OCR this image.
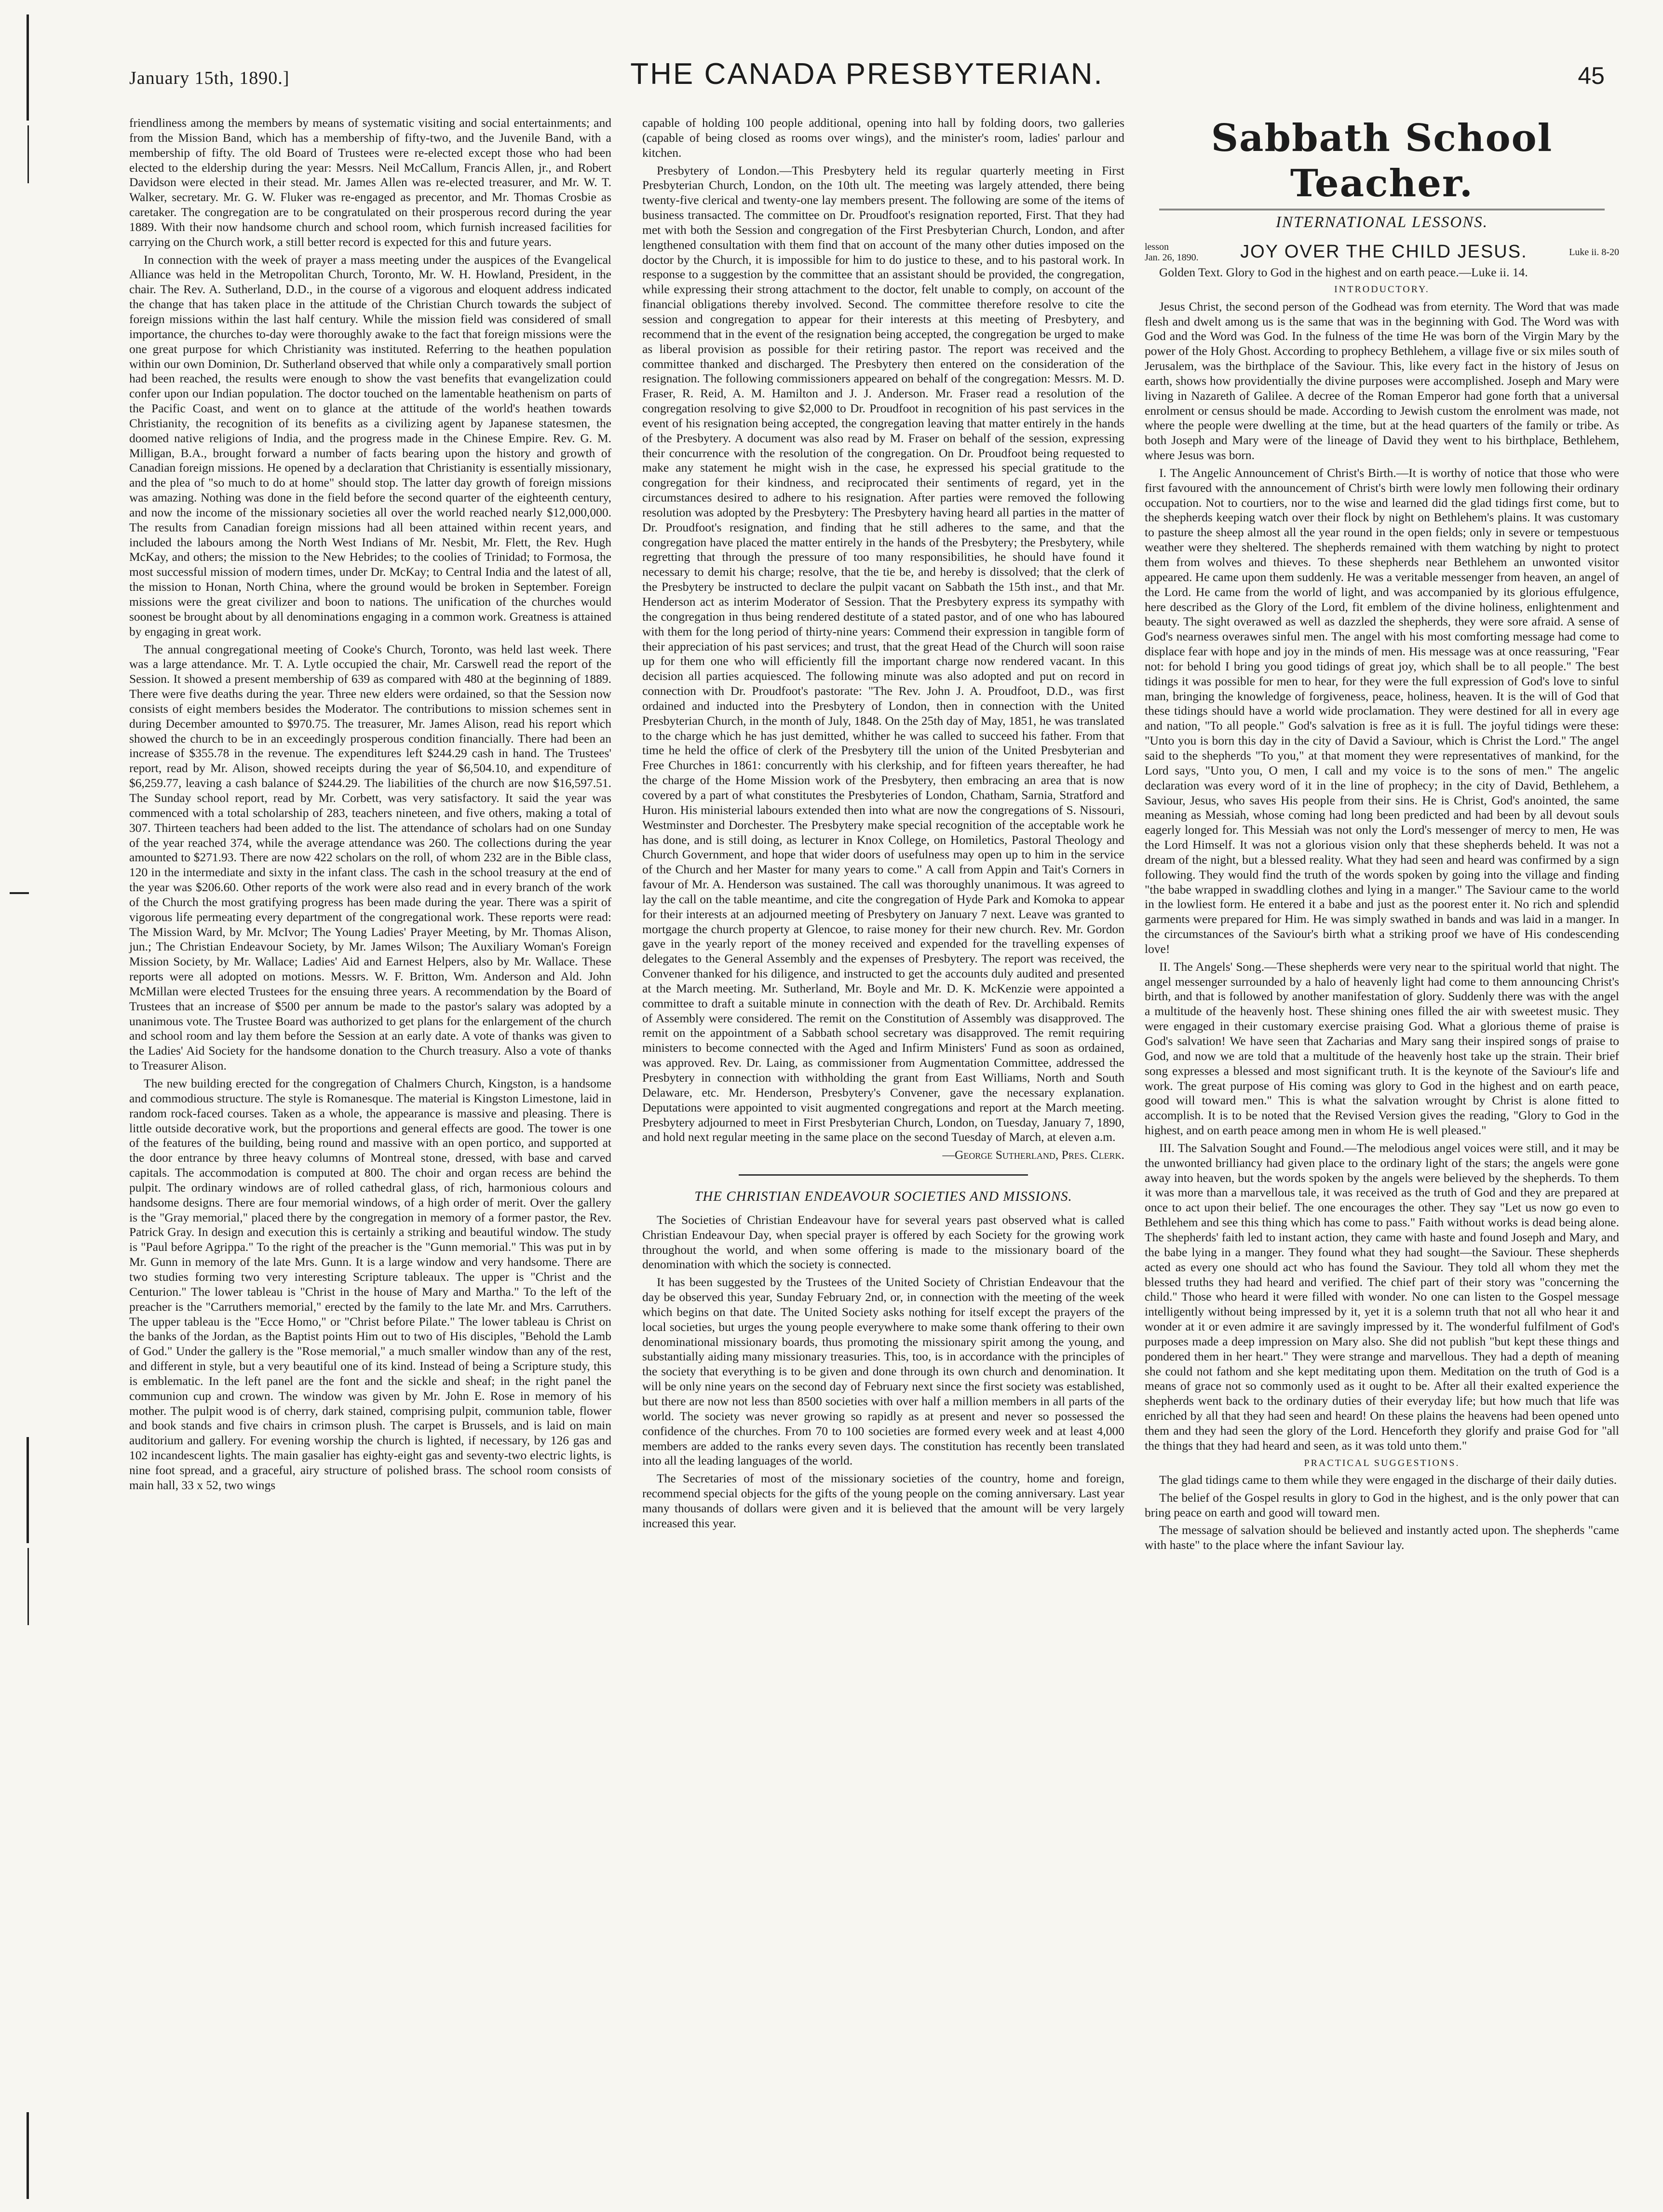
January 15th, 1890.]	THE CANADA PRESBYTERIAN.	45

friendliness among the members by means of systematic visiting and social entertainments; and from the Mission Band, which has a membership of fifty-two, and the Juvenile Band, with a membership of fifty. The old Board of Trustees were re-elected except those who had been elected to the eldership during the year: Messrs. Neil McCallum, Francis Allen, jr., and Robert Davidson were elected in their stead. Mr. James Allen was re-elected treasurer, and Mr. W. T. Walker, secretary. Mr. G. W. Fluker was re-engaged as precentor, and Mr. Thomas Crosbie as caretaker. The congregation are to be congratulated on their prosperous record during the year 1889. With their now handsome church and school room, which furnish increased facilities for carrying on the Church work, a still better record is expected for this and future years.

In connection with the week of prayer a mass meeting under the auspices of the Evangelical Alliance was held in the Metropolitan Church, Toronto, Mr. W. H. Howland, President, in the chair. The Rev. A. Sutherland, D.D., in the course of a vigorous and eloquent address indicated the change that has taken place in the attitude of the Christian Church towards the subject of foreign missions within the last half century. While the mission field was considered of small importance, the churches to-day were thoroughly awake to the fact that foreign missions were the one great purpose for which Christianity was instituted. Referring to the heathen population within our own Dominion, Dr. Sutherland observed that while only a comparatively small portion had been reached, the results were enough to show the vast benefits that evangelization could confer upon our Indian population. The doctor touched on the lamentable heathenism on parts of the Pacific Coast, and went on to glance at the attitude of the world's heathen towards Christianity, the recognition of its benefits as a civilizing agent by Japanese statesmen, the doomed native religions of India, and the progress made in the Chinese Empire. Rev. G. M. Milligan, B.A., brought forward a number of facts bearing upon the history and growth of Canadian foreign missions. He opened by a declaration that Christianity is essentially missionary, and the plea of "so much to do at home" should stop. The latter day growth of foreign missions was amazing. Nothing was done in the field before the second quarter of the eighteenth century, and now the income of the missionary societies all over the world reached nearly $12,000,000. The results from Canadian foreign missions had all been attained within recent years, and included the labours among the North West Indians of Mr. Nesbit, Mr. Flett, the Rev. Hugh McKay, and others; the mission to the New Hebrides; to the coolies of Trinidad; to Formosa, the most successful mission of modern times, under Dr. McKay; to Central India and the latest of all, the mission to Honan, North China, where the ground would be broken in September. Foreign missions were the great civilizer and boon to nations. The unification of the churches would soonest be brought about by all denominations engaging in a common work. Greatness is attained by engaging in great work.

The annual congregational meeting of Cooke's Church, Toronto, was held last week. There was a large attendance. Mr. T. A. Lytle occupied the chair, Mr. Carswell read the report of the Session. It showed a present membership of 639 as compared with 480 at the beginning of 1889. There were five deaths during the year. Three new elders were ordained, so that the Session now consists of eight members besides the Moderator. The contributions to mission schemes sent in during December amounted to $970.75. The treasurer, Mr. James Alison, read his report which showed the church to be in an exceedingly prosperous condition financially. There had been an increase of $355.78 in the revenue. The expenditures left $244.29 cash in hand. The Trustees' report, read by Mr. Alison, showed receipts during the year of $6,504.10, and expenditure of $6,259.77, leaving a cash balance of $244.29. The liabilities of the church are now $16,597.51. The Sunday school report, read by Mr. Corbett, was very satisfactory. It said the year was commenced with a total scholarship of 283, teachers nineteen, and five others, making a total of 307. Thirteen teachers had been added to the list. The attendance of scholars had on one Sunday of the year reached 374, while the average attendance was 260. The collections during the year amounted to $271.93. There are now 422 scholars on the roll, of whom 232 are in the Bible class, 120 in the intermediate and sixty in the infant class. The cash in the school treasury at the end of the year was $206.60. Other reports of the work were also read and in every branch of the work of the Church the most gratifying progress has been made during the year. There was a spirit of vigorous life permeating every department of the congregational work. These reports were read: The Mission Ward, by Mr. McIvor; The Young Ladies' Prayer Meeting, by Mr. Thomas Alison, jun.; The Christian Endeavour Society, by Mr. James Wilson; The Auxiliary Woman's Foreign Mission Society, by Mr. Wallace; Ladies' Aid and Earnest Helpers, also by Mr. Wallace. These reports were all adopted on motions. Messrs. W. F. Britton, Wm. Anderson and Ald. John McMillan were elected Trustees for the ensuing three years. A recommendation by the Board of Trustees that an increase of $500 per annum be made to the pastor's salary was adopted by a unanimous vote. The Trustee Board was authorized to get plans for the enlargement of the church and school room and lay them before the Session at an early date. A vote of thanks was given to the Ladies' Aid Society for the handsome donation to the Church treasury. Also a vote of thanks to Treasurer Alison.

The new building erected for the congregation of Chalmers Church, Kingston, is a handsome and commodious structure. The style is Romanesque. The material is Kingston Limestone, laid in random rock-faced courses. Taken as a whole, the appearance is massive and pleasing. There is little outside decorative work, but the proportions and general effects are good. The tower is one of the features of the building, being round and massive with an open portico, and supported at the door entrance by three heavy columns of Montreal stone, dressed, with base and carved capitals. The accommodation is computed at 800. The choir and organ recess are behind the pulpit. The ordinary windows are of rolled cathedral glass, of rich, harmonious colours and handsome designs. There are four memorial windows, of a high order of merit. Over the gallery is the "Gray memorial," placed there by the congregation in memory of a former pastor, the Rev. Patrick Gray. In design and execution this is certainly a striking and beautiful window. The study is "Paul before Agrippa." To the right of the preacher is the "Gunn memorial." This was put in by Mr. Gunn in memory of the late Mrs. Gunn. It is a large window and very handsome. There are two studies forming two very interesting Scripture tableaux. The upper is "Christ and the Centurion." The lower tableau is "Christ in the house of Mary and Martha." To the left of the preacher is the "Carruthers memorial," erected by the family to the late Mr. and Mrs. Carruthers. The upper tableau is the "Ecce Homo," or "Christ before Pilate." The lower tableau is Christ on the banks of the Jordan, as the Baptist points Him out to two of His disciples, "Behold the Lamb of God." Under the gallery is the "Rose memorial," a much smaller window than any of the rest, and different in style, but a very beautiful one of its kind. Instead of being a Scripture study, this is emblematic. In the left panel are the font and the sickle and sheaf; in the right panel the communion cup and crown. The window was given by Mr. John E. Rose in memory of his mother. The pulpit wood is of cherry, dark stained, comprising pulpit, communion table, flower and book stands and five chairs in crimson plush. The carpet is Brussels, and is laid on main auditorium and gallery. For evening worship the church is lighted, if necessary, by 126 gas and 102 incandescent lights. The main gasalier has eighty-eight gas and seventy-two electric lights, is nine foot spread, and a graceful, airy structure of polished brass. The school room consists of main hall, 33 x 52, two wings

capable of holding 100 people additional, opening into hall by folding doors, two galleries (capable of being closed as rooms over wings), and the minister's room, ladies' parlour and kitchen.

Presbytery of London.—This Presbytery held its regular quarterly meeting in First Presbyterian Church, London, on the 10th ult. The meeting was largely attended, there being twenty-five clerical and twenty-one lay members present. The following are some of the items of business transacted. The committee on Dr. Proudfoot's resignation reported, First. That they had met with both the Session and congregation of the First Presbyterian Church, London, and after lengthened consultation with them find that on account of the many other duties imposed on the doctor by the Church, it is impossible for him to do justice to these, and to his pastoral work. In response to a suggestion by the committee that an assistant should be provided, the congregation, while expressing their strong attachment to the doctor, felt unable to comply, on account of the financial obligations thereby involved. Second. The committee therefore resolve to cite the session and congregation to appear for their interests at this meeting of Presbytery, and recommend that in the event of the resignation being accepted, the congregation be urged to make as liberal provision as possible for their retiring pastor. The report was received and the committee thanked and discharged. The Presbytery then entered on the consideration of the resignation. The following commissioners appeared on behalf of the congregation: Messrs. M. D. Fraser, R. Reid, A. M. Hamilton and J. J. Anderson. Mr. Fraser read a resolution of the congregation resolving to give $2,000 to Dr. Proudfoot in recognition of his past services in the event of his resignation being accepted, the congregation leaving that matter entirely in the hands of the Presbytery. A document was also read by M. Fraser on behalf of the session, expressing their concurrence with the resolution of the congregation. On Dr. Proudfoot being requested to make any statement he might wish in the case, he expressed his special gratitude to the congregation for their kindness, and reciprocated their sentiments of regard, yet in the circumstances desired to adhere to his resignation. After parties were removed the following resolution was adopted by the Presbytery: The Presbytery having heard all parties in the matter of Dr. Proudfoot's resignation, and finding that he still adheres to the same, and that the congregation have placed the matter entirely in the hands of the Presbytery; the Presbytery, while regretting that through the pressure of too many responsibilities, he should have found it necessary to demit his charge; resolve, that the tie be, and hereby is dissolved; that the clerk of the Presbytery be instructed to declare the pulpit vacant on Sabbath the 15th inst., and that Mr. Henderson act as interim Moderator of Session. That the Presbytery express its sympathy with the congregation in thus being rendered destitute of a stated pastor, and of one who has laboured with them for the long period of thirty-nine years: Commend their expression in tangible form of their appreciation of his past services; and trust, that the great Head of the Church will soon raise up for them one who will efficiently fill the important charge now rendered vacant. In this decision all parties acquiesced. The following minute was also adopted and put on record in connection with Dr. Proudfoot's pastorate: "The Rev. John J. A. Proudfoot, D.D., was first ordained and inducted into the Presbytery of London, then in connection with the United Presbyterian Church, in the month of July, 1848. On the 25th day of May, 1851, he was translated to the charge which he has just demitted, whither he was called to succeed his father. From that time he held the office of clerk of the Presbytery till the union of the United Presbyterian and Free Churches in 1861: concurrently with his clerkship, and for fifteen years thereafter, he had the charge of the Home Mission work of the Presbytery, then embracing an area that is now covered by a part of what constitutes the Presbyteries of London, Chatham, Sarnia, Stratford and Huron. His ministerial labours extended then into what are now the congregations of S. Nissouri, Westminster and Dorchester. The Presbytery make special recognition of the acceptable work he has done, and is still doing, as lecturer in Knox College, on Homiletics, Pastoral Theology and Church Government, and hope that wider doors of usefulness may open up to him in the service of the Church and her Master for many years to come." A call from Appin and Tait's Corners in favour of Mr. A. Henderson was sustained. The call was thoroughly unanimous. It was agreed to lay the call on the table meantime, and cite the congregation of Hyde Park and Komoka to appear for their interests at an adjourned meeting of Presbytery on January 7 next. Leave was granted to mortgage the church property at Glencoe, to raise money for their new church. Rev. Mr. Gordon gave in the yearly report of the money received and expended for the travelling expenses of delegates to the General Assembly and the expenses of Presbytery. The report was received, the Convener thanked for his diligence, and instructed to get the accounts duly audited and presented at the March meeting. Mr. Sutherland, Mr. Boyle and Mr. D. K. McKenzie were appointed a committee to draft a suitable minute in connection with the death of Rev. Dr. Archibald. Remits of Assembly were considered. The remit on the Constitution of Assembly was disapproved. The remit on the appointment of a Sabbath school secretary was disapproved. The remit requiring ministers to become connected with the Aged and Infirm Ministers' Fund as soon as ordained, was approved. Rev. Dr. Laing, as commissioner from Augmentation Committee, addressed the Presbytery in connection with withholding the grant from East Williams, North and South Delaware, etc. Mr. Henderson, Presbytery's Convener, gave the necessary explanation. Deputations were appointed to visit augmented congregations and report at the March meeting. Presbytery adjourned to meet in First Presbyterian Church, London, on Tuesday, January 7, 1890, and hold next regular meeting in the same place on the second Tuesday of March, at eleven a.m.

—George Sutherland, Pres. Clerk.

THE CHRISTIAN ENDEAVOUR SOCIETIES AND MISSIONS.

The Societies of Christian Endeavour have for several years past observed what is called Christian Endeavour Day, when special prayer is offered by each Society for the growing work throughout the world, and when some offering is made to the missionary board of the denomination with which the society is connected.

It has been suggested by the Trustees of the United Society of Christian Endeavour that the day be observed this year, Sunday February 2nd, or, in connection with the meeting of the week which begins on that date. The United Society asks nothing for itself except the prayers of the local societies, but urges the young people everywhere to make some thank offering to their own denominational missionary boards, thus promoting the missionary spirit among the young, and substantially aiding many missionary treasuries. This, too, is in accordance with the principles of the society that everything is to be given and done through its own church and denomination. It will be only nine years on the second day of February next since the first society was established, but there are now not less than 8500 societies with over half a million members in all parts of the world. The society was never growing so rapidly as at present and never so possessed the confidence of the churches. From 70 to 100 societies are formed every week and at least 4,000 members are added to the ranks every seven days. The constitution has recently been translated into all the leading languages of the world.

The Secretaries of most of the missionary societies of the country, home and foreign, recommend special objects for the gifts of the young people on the coming anniversary. Last year many thousands of dollars were given and it is believed that the amount will be very largely increased this year.

Sabbath School Teacher.
INTERNATIONAL LESSONS.
lesson
Jan. 26, 1890. JOY OVER THE CHILD JESUS.	Luke ii. 8-20

Golden Text. Glory to God in the highest and on earth peace.—Luke ii. 14.

INTRODUCTORY.

Jesus Christ, the second person of the Godhead was from eternity. The Word that was made flesh and dwelt among us is the same that was in the beginning with God. The Word was with God and the Word was God. In the fulness of the time He was born of the Virgin Mary by the power of the Holy Ghost. According to prophecy Bethlehem, a village five or six miles south of Jerusalem, was the birthplace of the Saviour. This, like every fact in the history of Jesus on earth, shows how providentially the divine purposes were accomplished. Joseph and Mary were living in Nazareth of Galilee. A decree of the Roman Emperor had gone forth that a universal enrolment or census should be made. According to Jewish custom the enrolment was made, not where the people were dwelling at the time, but at the head quarters of the family or tribe. As both Joseph and Mary were of the lineage of David they went to his birthplace, Bethlehem, where Jesus was born.

I. The Angelic Announcement of Christ's Birth.—It is worthy of notice that those who were first favoured with the announcement of Christ's birth were lowly men following their ordinary occupation. Not to courtiers, nor to the wise and learned did the glad tidings first come, but to the shepherds keeping watch over their flock by night on Bethlehem's plains. It was customary to pasture the sheep almost all the year round in the open fields; only in severe or tempestuous weather were they sheltered. The shepherds remained with them watching by night to protect them from wolves and thieves. To these shepherds near Bethlehem an unwonted visitor appeared. He came upon them suddenly. He was a veritable messenger from heaven, an angel of the Lord. He came from the world of light, and was accompanied by its glorious effulgence, here described as the Glory of the Lord, fit emblem of the divine holiness, enlightenment and beauty. The sight overawed as well as dazzled the shepherds, they were sore afraid. A sense of God's nearness overawes sinful men. The angel with his most comforting message had come to displace fear with hope and joy in the minds of men. His message was at once reassuring, "Fear not: for behold I bring you good tidings of great joy, which shall be to all people." The best tidings it was possible for men to hear, for they were the full expression of God's love to sinful man, bringing the knowledge of forgiveness, peace, holiness, heaven. It is the will of God that these tidings should have a world wide proclamation. They were destined for all in every age and nation, "To all people." God's salvation is free as it is full. The joyful tidings were these: "Unto you is born this day in the city of David a Saviour, which is Christ the Lord." The angel said to the shepherds "To you," at that moment they were representatives of mankind, for the Lord says, "Unto you, O men, I call and my voice is to the sons of men." The angelic declaration was every word of it in the line of prophecy; in the city of David, Bethlehem, a Saviour, Jesus, who saves His people from their sins. He is Christ, God's anointed, the same meaning as Messiah, whose coming had long been predicted and had been by all devout souls eagerly longed for. This Messiah was not only the Lord's messenger of mercy to men, He was the Lord Himself. It was not a glorious vision only that these shepherds beheld. It was not a dream of the night, but a blessed reality. What they had seen and heard was confirmed by a sign following. They would find the truth of the words spoken by going into the village and finding "the babe wrapped in swaddling clothes and lying in a manger." The Saviour came to the world in the lowliest form. He entered it a babe and just as the poorest enter it. No rich and splendid garments were prepared for Him. He was simply swathed in bands and was laid in a manger. In the circumstances of the Saviour's birth what a striking proof we have of His condescending love!

II. The Angels' Song.—These shepherds were very near to the spiritual world that night. The angel messenger surrounded by a halo of heavenly light had come to them announcing Christ's birth, and that is followed by another manifestation of glory. Suddenly there was with the angel a multitude of the heavenly host. These shining ones filled the air with sweetest music. They were engaged in their customary exercise praising God. What a glorious theme of praise is God's salvation! We have seen that Zacharias and Mary sang their inspired songs of praise to God, and now we are told that a multitude of the heavenly host take up the strain. Their brief song expresses a blessed and most significant truth. It is the keynote of the Saviour's life and work. The great purpose of His coming was glory to God in the highest and on earth peace, good will toward men." This is what the salvation wrought by Christ is alone fitted to accomplish. It is to be noted that the Revised Version gives the reading, "Glory to God in the highest, and on earth peace among men in whom He is well pleased."

III. The Salvation Sought and Found.—The melodious angel voices were still, and it may be the unwonted brilliancy had given place to the ordinary light of the stars; the angels were gone away into heaven, but the words spoken by the angels were believed by the shepherds. To them it was more than a marvellous tale, it was received as the truth of God and they are prepared at once to act upon their belief. The one encourages the other. They say "Let us now go even to Bethlehem and see this thing which has come to pass." Faith without works is dead being alone. The shepherds' faith led to instant action, they came with haste and found Joseph and Mary, and the babe lying in a manger. They found what they had sought—the Saviour. These shepherds acted as every one should act who has found the Saviour. They told all whom they met the blessed truths they had heard and verified. The chief part of their story was "concerning the child." Those who heard it were filled with wonder. No one can listen to the Gospel message intelligently without being impressed by it, yet it is a solemn truth that not all who hear it and wonder at it or even admire it are savingly impressed by it. The wonderful fulfilment of God's purposes made a deep impression on Mary also. She did not publish "but kept these things and pondered them in her heart." They were strange and marvellous. They had a depth of meaning she could not fathom and she kept meditating upon them. Meditation on the truth of God is a means of grace not so commonly used as it ought to be. After all their exalted experience the shepherds went back to the ordinary duties of their everyday life; but how much that life was enriched by all that they had seen and heard! On these plains the heavens had been opened unto them and they had seen the glory of the Lord. Henceforth they glorify and praise God for "all the things that they had heard and seen, as it was told unto them."

PRACTICAL SUGGESTIONS.

The glad tidings came to them while they were engaged in the discharge of their daily duties.

The belief of the Gospel results in glory to God in the highest, and is the only power that can bring peace on earth and good will toward men.

The message of salvation should be believed and instantly acted upon. The shepherds "came with haste" to the place where the infant Saviour lay.
